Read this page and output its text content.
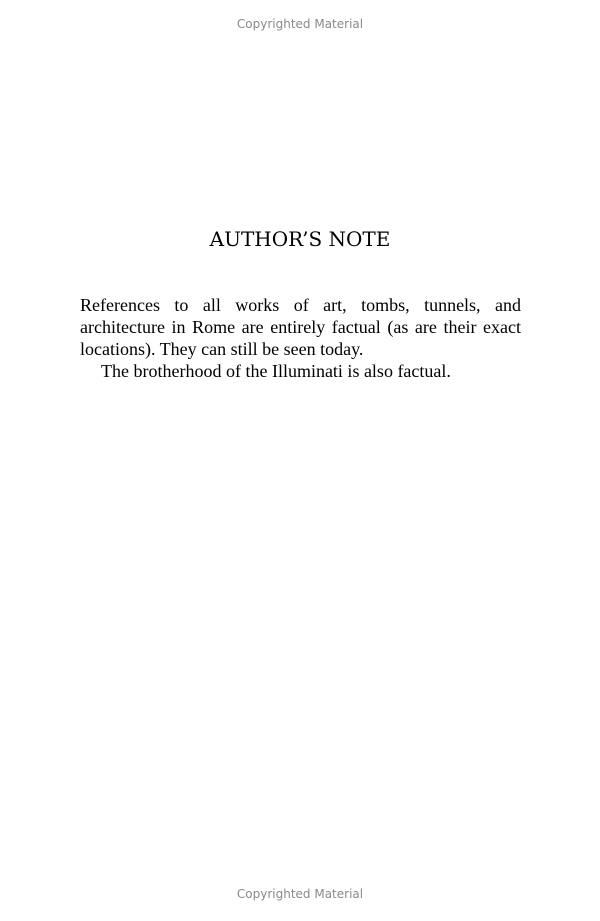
Copyrighted Material
AUTHOR’S NOTE

References to all works of art, tombs, tunnels, and architecture in Rome are entirely factual (as are their exact locations). They can still be seen today.

The brotherhood of the Illuminati is also factual.

Copyrighted Material
